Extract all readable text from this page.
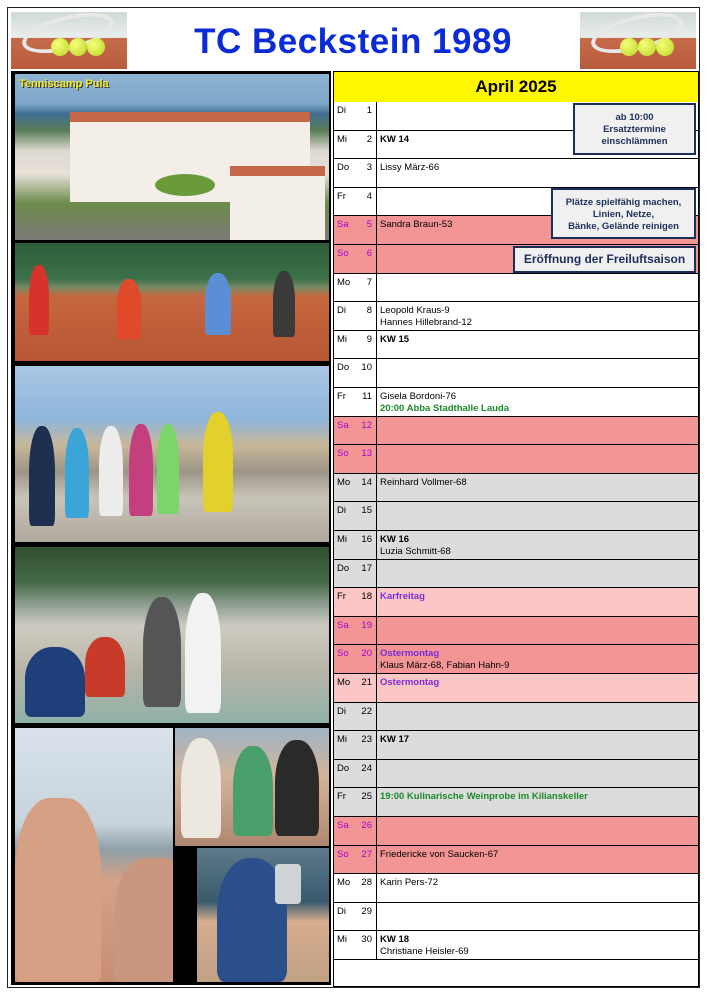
TC Beckstein 1989
Tenniscamp Pula	April 2025
Di	1
Mi	2 KW 14
Do	3 Lissy März-66
Fr	4
Sa	5 Sandra Braun-53
So	6
Mo	7
Di	8 Leopold Kraus-9
Hannes Hillebrand-12
Mi	9 KW 15
Do	10
Fr	11 Gisela Bordoni-76
20:00 Abba Stadthalle Lauda
Sa	12
So	13
Mo	14 Reinhard Vollmer-68
Di	15
Mi	16 KW 16
Luzia Schmitt-68
Do	17
Fr	18 Karfreitag
Sa	19
So	20 Ostermontag
Klaus März-68, Fabian Hahn-9
Mo	21 Ostermontag
Di	22
Mi	23 KW 17
Do	24
Fr	25 19:00 Kulinarische Weinprobe im Kilianskeller
Sa	26
So	27 Friedericke von Saucken-67
Mo	28 Karin Pers-72
Di	29
Mi	30 KW 18
Christiane Heisler-69
ab 10:00
Ersatztermine
einschlämmen
Plätze spielfähig machen,
Linien, Netze,
Bänke, Gelände reinigen
Eröffnung der Freiluftsaison
